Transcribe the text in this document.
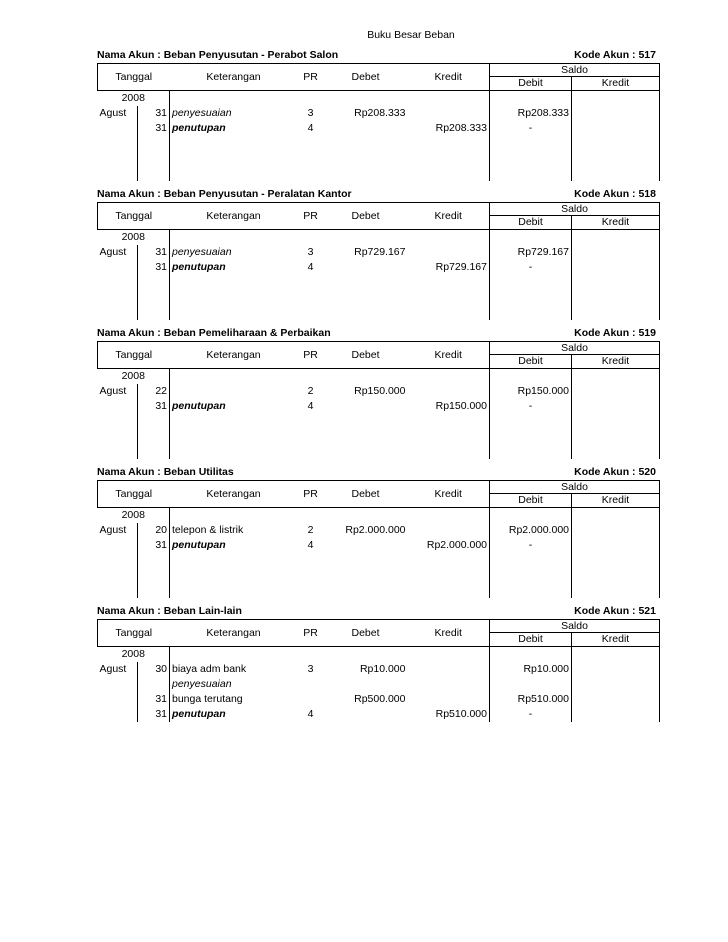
Buku Besar Beban
Nama Akun : Beban Penyusutan - Perabot Salon	Kode Akun : 517
Tanggal		Keterangan	PR	Debet	Kredit	Saldo	
						Debit	Kredit
2008							
Agust	31	penyesuaian	3	Rp208.333		Rp208.333	
	31	penutupan	4		Rp208.333	-	

Nama Akun : Beban Penyusutan - Peralatan Kantor	Kode Akun : 518
Tanggal		Keterangan	PR	Debet	Kredit	Saldo	
						Debit	Kredit
2008							
Agust	31	penyesuaian	3	Rp729.167		Rp729.167	
	31	penutupan	4		Rp729.167	-	

Nama Akun : Beban Pemeliharaan & Perbaikan	Kode Akun : 519
Tanggal		Keterangan	PR	Debet	Kredit	Saldo	
						Debit	Kredit
2008							
Agust	22		2	Rp150.000		Rp150.000	
	31	penutupan	4		Rp150.000	-	

Nama Akun : Beban Utilitas	Kode Akun : 520
Tanggal		Keterangan	PR	Debet	Kredit	Saldo	
						Debit	Kredit
2008							
Agust	20	telepon & listrik	2	Rp2.000.000		Rp2.000.000	
	31	penutupan	4		Rp2.000.000	-	

Nama Akun : Beban Lain-lain	Kode Akun : 521
Tanggal		Keterangan	PR	Debet	Kredit	Saldo	
						Debit	Kredit
2008							
Agust	30	biaya adm bank	3	Rp10.000		Rp10.000	
		penyesuaian					
	31	bunga terutang		Rp500.000		Rp510.000	
	31	penutupan	4		Rp510.000	-	
